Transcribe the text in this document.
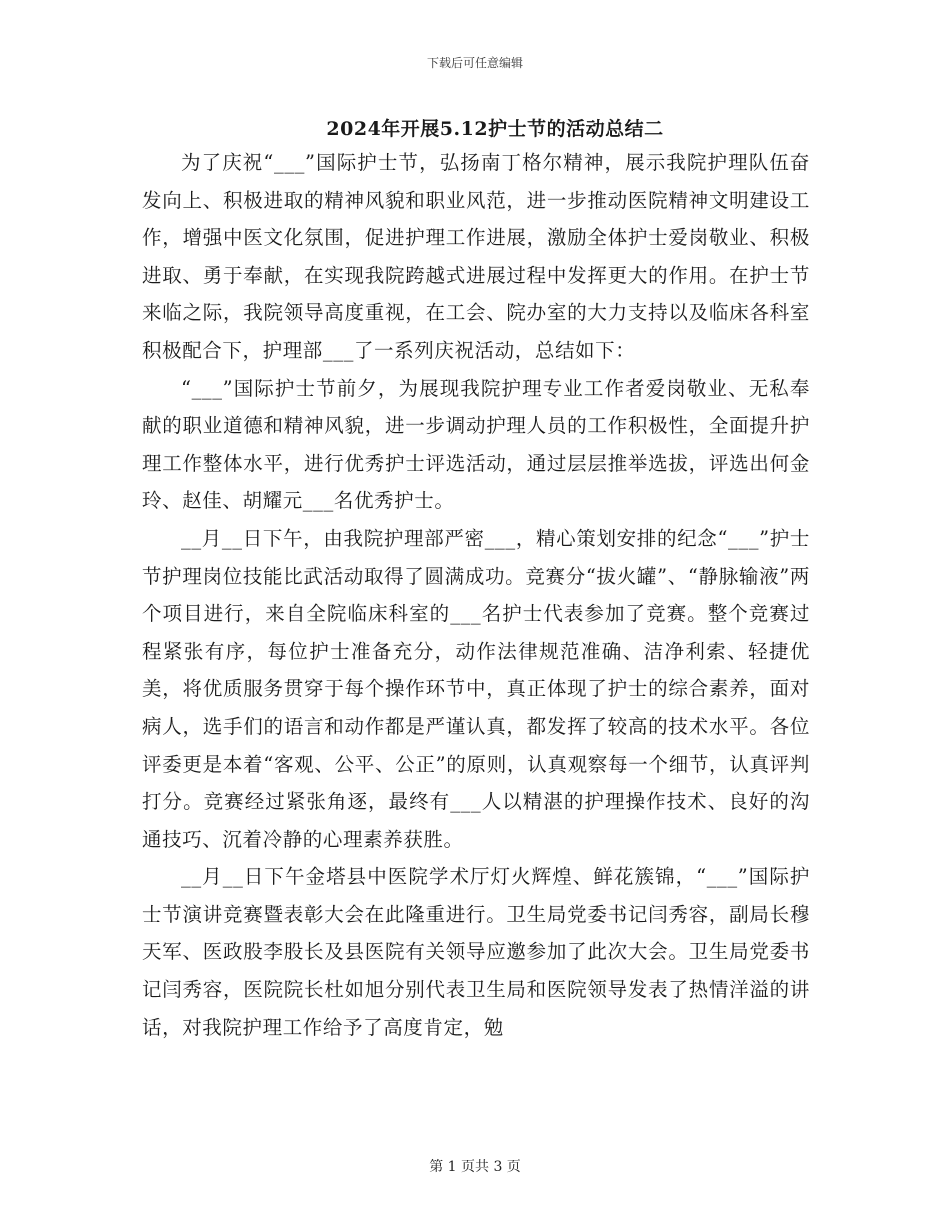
下载后可任意编辑
2024年开展5.12护士节的活动总结二

为了庆祝“___”国际护士节，弘扬南丁格尔精神，展示我院护理队伍奋发向上、积极进取的精神风貌和职业风范，进一步推动医院精神文明建设工作，增强中医文化氛围，促进护理工作进展，激励全体护士爱岗敬业、积极进取、勇于奉献，在实现我院跨越式进展过程中发挥更大的作用。在护士节来临之际，我院领导高度重视，在工会、院办室的大力支持以及临床各科室积极配合下，护理部___了一系列庆祝活动，总结如下：

“___”国际护士节前夕，为展现我院护理专业工作者爱岗敬业、无私奉献的职业道德和精神风貌，进一步调动护理人员的工作积极性，全面提升护理工作整体水平，进行优秀护士评选活动，通过层层推举选拔，评选出何金玲、赵佳、胡耀元___名优秀护士。

__月__日下午，由我院护理部严密___，精心策划安排的纪念“___”护士节护理岗位技能比武活动取得了圆满成功。竞赛分“拔火罐”、“静脉输液”两个项目进行，来自全院临床科室的___名护士代表参加了竞赛。整个竞赛过程紧张有序，每位护士准备充分，动作法律规范准确、洁净利索、轻捷优美，将优质服务贯穿于每个操作环节中，真正体现了护士的综合素养，面对病人，选手们的语言和动作都是严谨认真，都发挥了较高的技术水平。各位评委更是本着“客观、公平、公正”的原则，认真观察每一个细节，认真评判打分。竞赛经过紧张角逐，最终有___人以精湛的护理操作技术、良好的沟通技巧、沉着冷静的心理素养获胜。

__月__日下午金塔县中医院学术厅灯火辉煌、鲜花簇锦，“___”国际护士节演讲竞赛暨表彰大会在此隆重进行。卫生局党委书记闫秀容，副局长穆天军、医政股李股长及县医院有关领导应邀参加了此次大会。卫生局党委书记闫秀容，医院院长杜如旭分别代表卫生局和医院领导发表了热情洋溢的讲话，对我院护理工作给予了高度肯定，勉

第 1 页共 3 页
